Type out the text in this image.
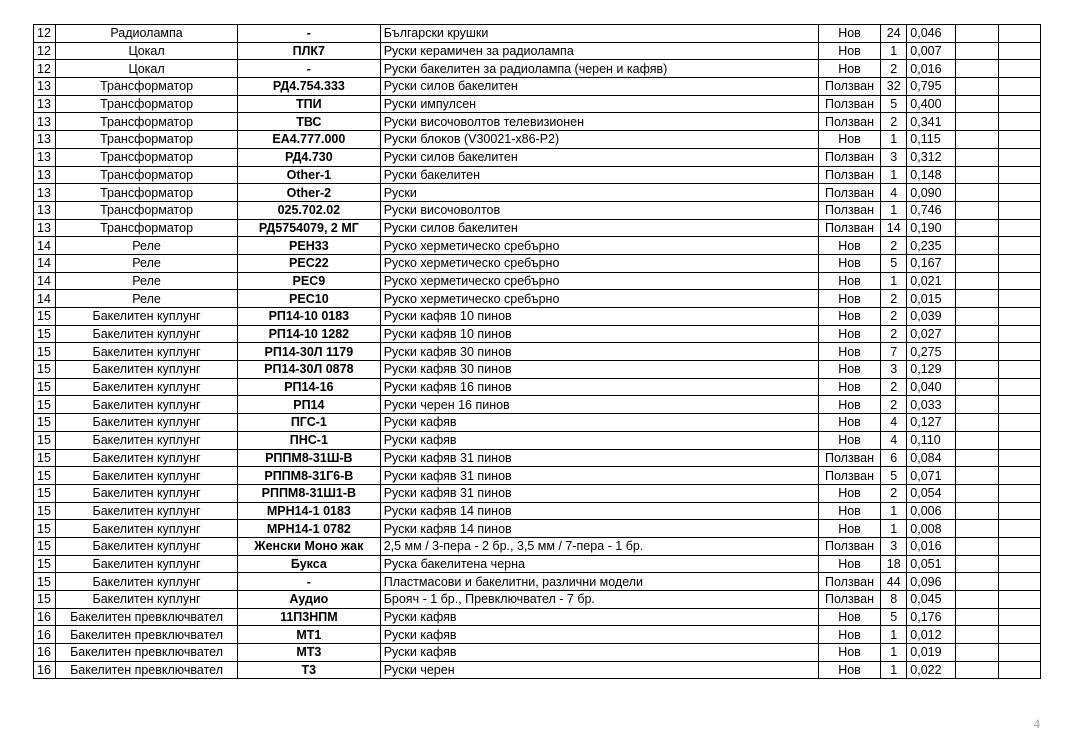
12	Радиолампа	-	Български крушки	Нов	24	0,046		
12	Цокал	ПЛК7	Руски керамичен за радиолампа	Нов	1	0,007		
12	Цокал	-	Руски бакелитен за радиолампа (черен и кафяв)	Нов	2	0,016		
13	Трансформатор	РД4.754.333	Руски силов бакелитен	Ползван	32	0,795		
13	Трансформатор	ТПИ	Руски импулсен	Ползван	5	0,400		
13	Трансформатор	ТВС	Руски височоволтов телевизионен	Ползван	2	0,341		
13	Трансформатор	ЕА4.777.000	Руски блоков (V30021-x86-P2)	Нов	1	0,115		
13	Трансформатор	РД4.730	Руски силов бакелитен	Ползван	3	0,312		
13	Трансформатор	Other-1	Руски бакелитен	Ползван	1	0,148		
13	Трансформатор	Other-2	Руски	Ползван	4	0,090		
13	Трансформатор	025.702.02	Руски височоволтов	Ползван	1	0,746		
13	Трансформатор	РД5754079, 2 МГ	Руски силов бакелитен	Ползван	14	0,190		
14	Реле	РЕН33	Руско херметическо сребърно	Нов	2	0,235		
14	Реле	РЕС22	Руско херметическо сребърно	Нов	5	0,167		
14	Реле	РЕС9	Руско херметическо сребърно	Нов	1	0,021		
14	Реле	РЕС10	Руско херметическо сребърно	Нов	2	0,015		
15	Бакелитен куплунг	РП14-10 0183	Руски кафяв 10 пинов	Нов	2	0,039		
15	Бакелитен куплунг	РП14-10 1282	Руски кафяв 10 пинов	Нов	2	0,027		
15	Бакелитен куплунг	РП14-30Л 1179	Руски кафяв 30 пинов	Нов	7	0,275		
15	Бакелитен куплунг	РП14-30Л 0878	Руски кафяв 30 пинов	Нов	3	0,129		
15	Бакелитен куплунг	РП14-16	Руски кафяв 16 пинов	Нов	2	0,040		
15	Бакелитен куплунг	РП14	Руски черен 16 пинов	Нов	2	0,033		
15	Бакелитен куплунг	ПГС-1	Руски кафяв	Нов	4	0,127		
15	Бакелитен куплунг	ПНС-1	Руски кафяв	Нов	4	0,110		
15	Бакелитен куплунг	РППМ8-31Ш-В	Руски кафяв 31 пинов	Ползван	6	0,084		
15	Бакелитен куплунг	РППМ8-31Г6-В	Руски кафяв 31 пинов	Ползван	5	0,071		
15	Бакелитен куплунг	РППМ8-31Ш1-В	Руски кафяв 31 пинов	Нов	2	0,054		
15	Бакелитен куплунг	МРН14-1 0183	Руски кафяв 14 пинов	Нов	1	0,006		
15	Бакелитен куплунг	МРН14-1 0782	Руски кафяв 14 пинов	Нов	1	0,008		
15	Бакелитен куплунг	Женски Моно жак	2,5 мм / 3-пера - 2 бр., 3,5 мм / 7-пера - 1 бр.	Ползван	3	0,016		
15	Бакелитен куплунг	Букса	Руска бакелитена черна	Нов	18	0,051		
15	Бакелитен куплунг	-	Пластмасови и бакелитни, различни модели	Ползван	44	0,096		
15	Бакелитен куплунг	Аудио	Брояч - 1 бр., Превключвател - 7 бр.	Ползван	8	0,045		
16	Бакелитен превключвател	11П3НПМ	Руски кафяв	Нов	5	0,176		
16	Бакелитен превключвател	МТ1	Руски кафяв	Нов	1	0,012		
16	Бакелитен превключвател	МТ3	Руски кафяв	Нов	1	0,019		
16	Бакелитен превключвател	Т3	Руски черен	Нов	1	0,022		
4
